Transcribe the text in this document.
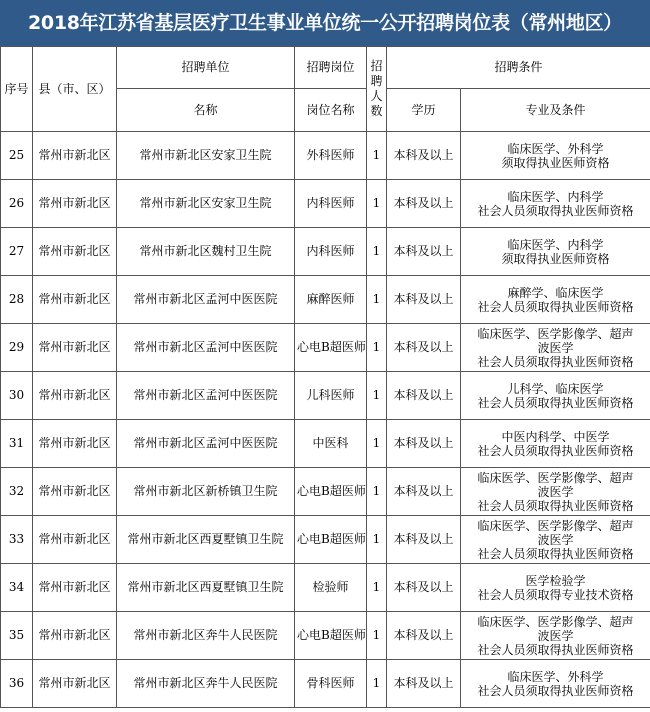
2018年江苏省基层医疗卫生事业单位统一公开招聘岗位表（常州地区）
序号	县（市、区）	招聘单位	招聘岗位	招聘人数	招聘条件	
		名称	岗位名称		学历	专业及条件
25	常州市新北区	常州市新北区安家卫生院	外科医师	1	本科及以上	临床医学、外科学
须取得执业医师资格

26	常州市新北区	常州市新北区安家卫生院	内科医师	1	本科及以上	临床医学、内科学
社会人员须取得执业医师资格

27	常州市新北区	常州市新北区魏村卫生院	内科医师	1	本科及以上	临床医学、内科学
须取得执业医师资格

28	常州市新北区	常州市新北区孟河中医医院	麻醉医师	1	本科及以上	麻醉学、临床医学
社会人员须取得执业医师资格

29	常州市新北区	常州市新北区孟河中医医院	心电B超医师	1	本科及以上	临床医学、医学影像学、超声
波医学
社会人员须取得执业医师资格

30	常州市新北区	常州市新北区孟河中医医院	儿科医师	1	本科及以上	儿科学、临床医学
社会人员须取得执业医师资格

31	常州市新北区	常州市新北区孟河中医医院	中医科	1	本科及以上	中医内科学、中医学
社会人员须取得执业医师资格

32	常州市新北区	常州市新北区新桥镇卫生院	心电B超医师	1	本科及以上	临床医学、医学影像学、超声
波医学
社会人员须取得执业医师资格

33	常州市新北区	常州市新北区西夏墅镇卫生院	心电B超医师	1	本科及以上	临床医学、医学影像学、超声
波医学
社会人员须取得执业医师资格

34	常州市新北区	常州市新北区西夏墅镇卫生院	检验师	1	本科及以上	医学检验学
社会人员须取得专业技术资格

35	常州市新北区	常州市新北区奔牛人民医院	心电B超医师	1	本科及以上	临床医学、医学影像学、超声
波医学
社会人员须取得执业医师资格

36	常州市新北区	常州市新北区奔牛人民医院	骨科医师	1	本科及以上	临床医学、外科学
社会人员须取得执业医师资格
